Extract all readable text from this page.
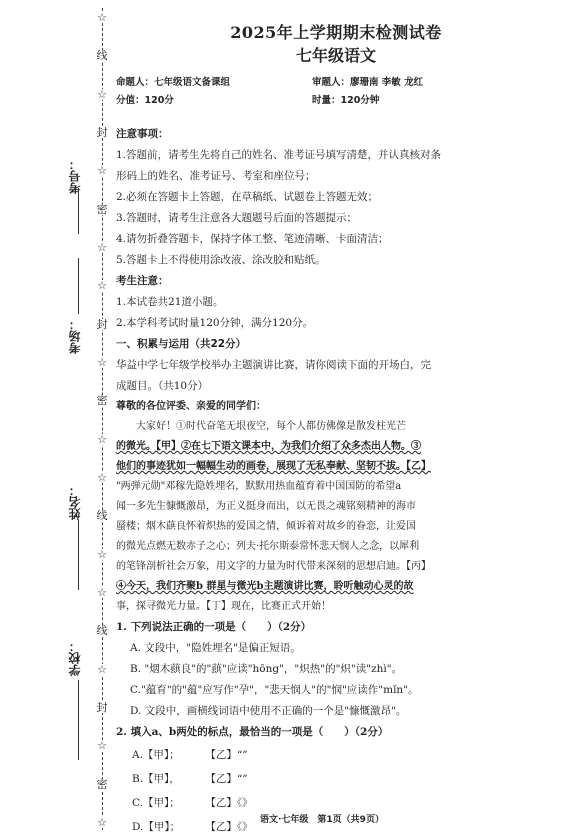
☆
线
☆
封
☆
密
☆
☆
封
☆
密
☆
☆
线
☆
☆
线
☆
封
☆
密
☆
考号：
考场：
姓名：
学校：
2025年上学期期末检测试卷
七年级语文
命题人：七年级语文备课组	审题人：廖珊南 李敏 龙红
分值：120分	时量：120分钟
注意事项：
1.答题前，请考生先将自己的姓名、准考证号填写清楚，并认真核对条
形码上的姓名、准考证号、考室和座位号；
2.必须在答题卡上答题，在草稿纸、试题卷上答题无效；
3.答题时，请考生注意各大题题号后面的答题提示；
4.请勿折叠答题卡，保持字体工整、笔迹清晰、卡面清洁；
5.答题卡上不得使用涂改液、涂改胶和贴纸。
考生注意：
1.本试卷共21道小题。
2.本学科考试时量120分钟，满分120分。
一、积累与运用（共22分）
华益中学七年级学校举办主题演讲比赛，请你阅读下面的开场白，完
成题目。（共10分）
尊敬的各位评委、亲爱的同学们：
大家好！①时代奋笔无垠夜空，每个人都仿佛像是散发柱光芒
的微光。【甲】②在七下语文课本中，为我们介绍了众多杰出人物。③
他们的事迹犹如一幅幅生动的画卷，展现了无私奉献、坚韧不拔。【乙】
"两弹元勋"邓稼先隐姓埋名，默默用热血蕴育着中国国防的希望a
闻一多先生慷慨激昂，为正义挺身而出，以无畏之魂铭刻精神的海市
蜃楼；烟木蕻良怀着炽热的爱国之情，倾诉着对故乡的眷恋，让爱国
的微光点燃无数赤子之心；列夫·托尔斯泰常怀悲天悯人之念，以犀利
的笔锋剖析社会万象，用文字的力量为时代带来深刻的思想启迪。【丙】
④今天，我们齐聚b 群星与微光b主题演讲比赛，聆听触动心灵的故
事，探寻微光力量。【丁】现在，比赛正式开始！
1. 下列说法正确的一项是（　　）（2分）
A. 文段中，"隐姓埋名"是偏正短语。
B. "烟木蕻良"的"蕻"应读"hōng"，"炽热"的"炽"读"zhì"。
C."蕴育"的"蕴"应写作"孕"，"悲天悯人"的"悯"应读作"mǐn"。
D. 文段中，画横线词语中使用不正确的一个是"慷慨激昂"。
2. 填入a、b两处的标点，最恰当的一项是（　　）（2分）
A.【甲】； 【乙】“”
B.【甲】， 【乙】“”
C.【甲】； 【乙】《》
D.【甲】； 【乙】《》
语文·七年级　第1页（共9页）
